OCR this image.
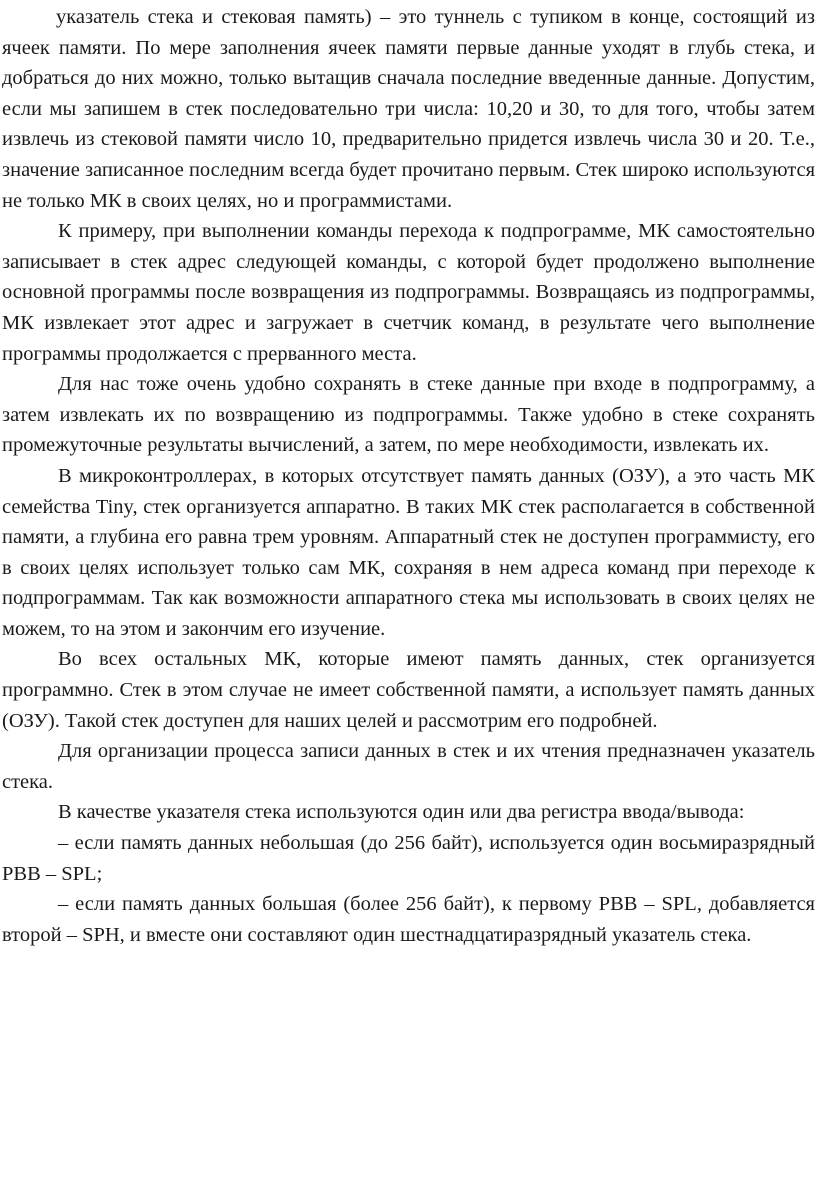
указатель стека и стековая память) – это туннель с тупиком в конце, состоящий из ячеек памяти. По мере заполнения ячеек памяти первые данные уходят в глубь стека, и добраться до них можно, только вытащив сначала последние введенные данные. Допустим, если мы запишем в стек последовательно три числа: 10,20 и 30, то для того, чтобы затем извлечь из стековой памяти число 10, предварительно придется извлечь числа 30 и 20. Т.е., значение записанное последним всегда будет прочитано первым. Стек широко используются не только МК в своих целях, но и программистами.

К примеру, при выполнении команды перехода к подпрограмме, МК самостоятельно записывает в стек адрес следующей команды, с которой будет продолжено выполнение основной программы после возвращения из подпрограммы. Возвращаясь из подпрограммы, МК извлекает этот адрес и загружает в счетчик команд, в результате чего выполнение программы продолжается с прерванного места.

Для нас тоже очень удобно сохранять в стеке данные при входе в подпрограмму, а затем извлекать их по возвращению из подпрограммы. Также удобно в стеке сохранять промежуточные результаты вычислений, а затем, по мере необходимости, извлекать их.

В микроконтроллерах, в которых отсутствует память данных (ОЗУ), а это часть МК семейства Tiny, стек организуется аппаратно. В таких МК стек располагается в собственной памяти, а глубина его равна трем уровням. Аппаратный стек не доступен программисту, его в своих целях использует только сам МК, сохраняя в нем адреса команд при переходе к подпрограммам. Так как возможности аппаратного стека мы использовать в своих целях не можем, то на этом и закончим его изучение.

Во всех остальных МК, которые имеют память данных, стек организуется программно. Стек в этом случае не имеет собственной памяти, а использует память данных (ОЗУ). Такой стек доступен для наших целей и рассмотрим его подробней.

Для организации процесса записи данных в стек и их чтения предназначен указатель стека.

В качестве указателя стека используются один или два регистра ввода/вывода:

– если память данных небольшая (до 256 байт), используется один восьмиразрядный РВВ – SPL;

– если память данных большая (более 256 байт), к первому РВВ – SPL, добавляется второй – SPH, и вместе они составляют один шестнадцатиразрядный указатель стека.
